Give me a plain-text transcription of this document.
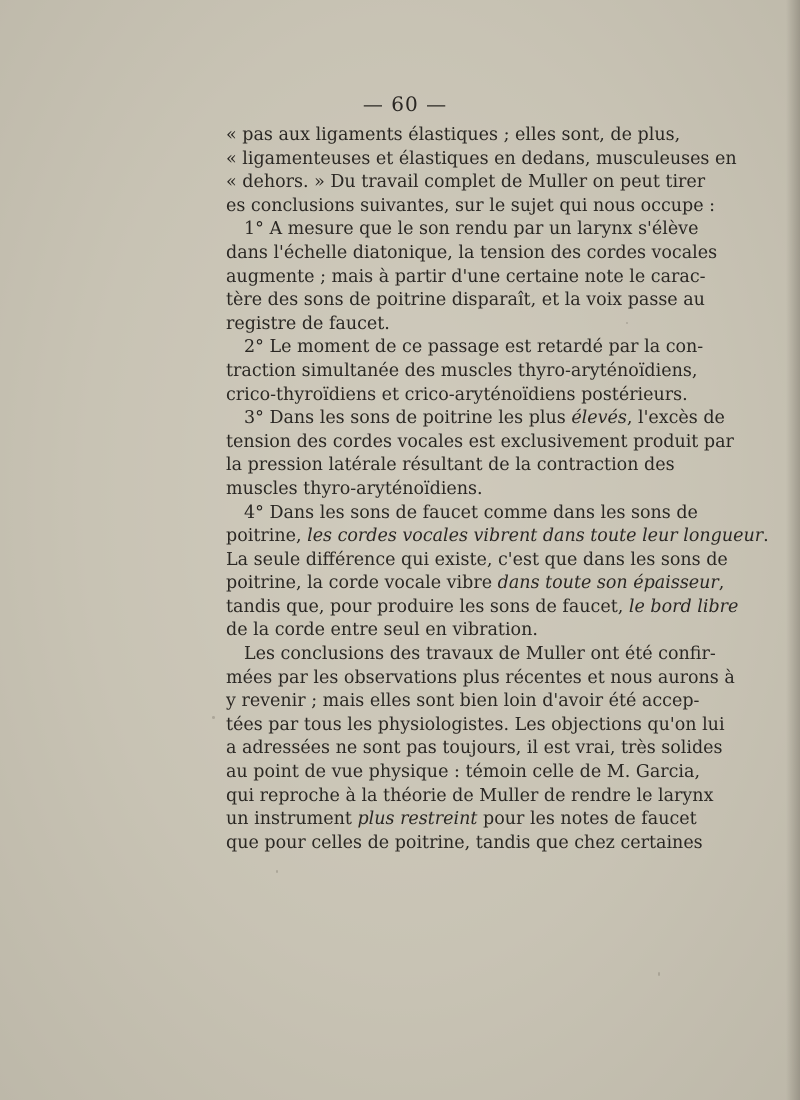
— 60 —
« pas aux ligaments élastiques ; elles sont, de plus,
« ligamenteuses et élastiques en dedans, musculeuses en
« dehors. » Du travail complet de Muller on peut tirer
es conclusions suivantes, sur le sujet qui nous occupe :
1° A mesure que le son rendu par un larynx s'élève
dans l'échelle diatonique, la tension des cordes vocales
augmente ; mais à partir d'une certaine note le carac-
tère des sons de poitrine disparaît, et la voix passe au
registre de faucet.
2° Le moment de ce passage est retardé par la con-
traction simultanée des muscles thyro-aryténoïdiens,
crico-thyroïdiens et crico-aryténoïdiens postérieurs.
3° Dans les sons de poitrine les plus élevés, l'excès de
tension des cordes vocales est exclusivement produit par
la pression latérale résultant de la contraction des
muscles thyro-aryténoïdiens.
4° Dans les sons de faucet comme dans les sons de
poitrine, les cordes vocales vibrent dans toute leur longueur.
La seule différence qui existe, c'est que dans les sons de
poitrine, la corde vocale vibre dans toute son épaisseur,
tandis que, pour produire les sons de faucet, le bord libre
de la corde entre seul en vibration.
Les conclusions des travaux de Muller ont été confir-
mées par les observations plus récentes et nous aurons à
y revenir ; mais elles sont bien loin d'avoir été accep-
tées par tous les physiologistes. Les objections qu'on lui
a adressées ne sont pas toujours, il est vrai, très solides
au point de vue physique : témoin celle de M. Garcia,
qui reproche à la théorie de Muller de rendre le larynx
un instrument plus restreint pour les notes de faucet
que pour celles de poitrine, tandis que chez certaines
